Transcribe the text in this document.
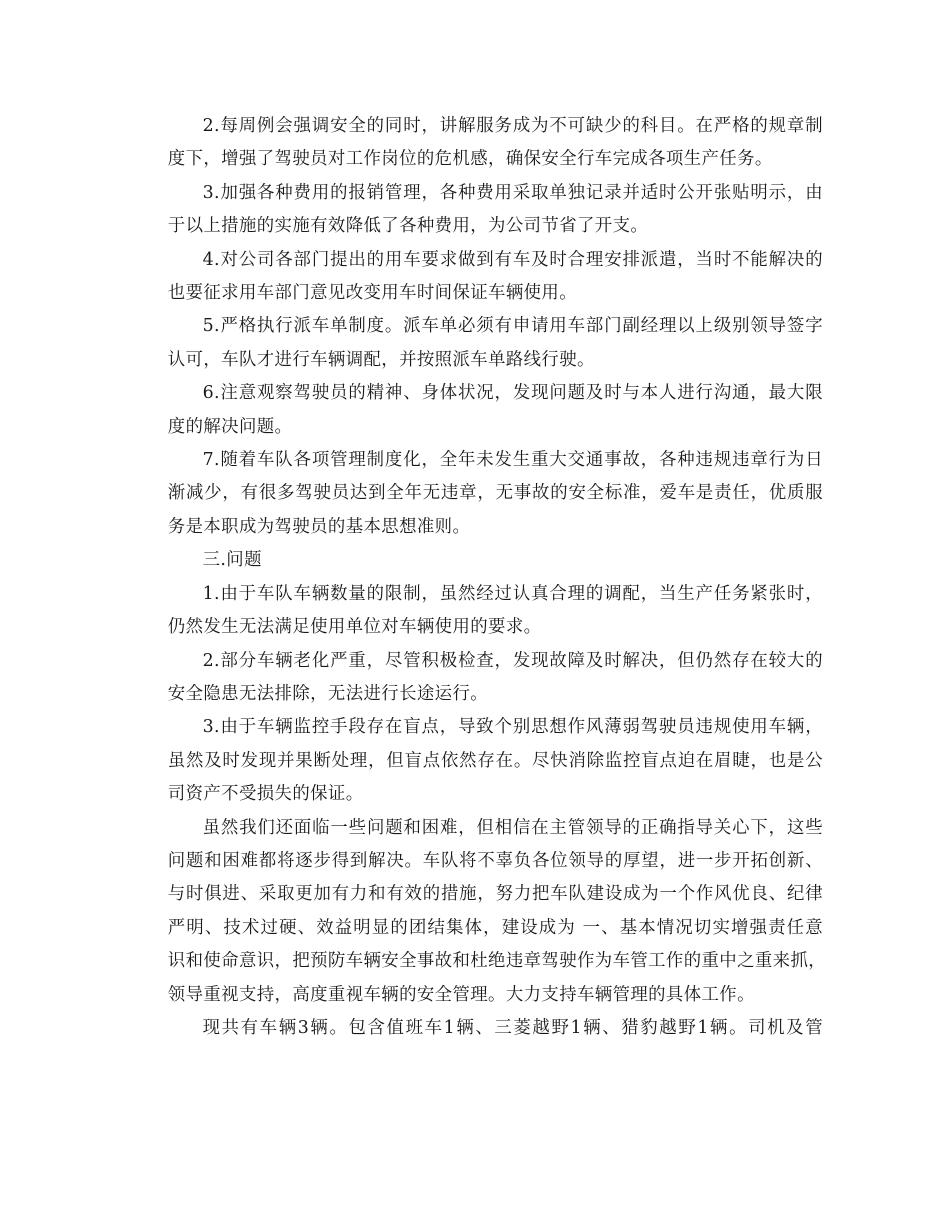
2.每周例会强调安全的同时，讲解服务成为不可缺少的科目。在严格的规章制
度下，增强了驾驶员对工作岗位的危机感，确保安全行车完成各项生产任务。
3.加强各种费用的报销管理，各种费用采取单独记录并适时公开张贴明示，由
于以上措施的实施有效降低了各种费用，为公司节省了开支。
4.对公司各部门提出的用车要求做到有车及时合理安排派遣，当时不能解决的
也要征求用车部门意见改变用车时间保证车辆使用。
5.严格执行派车单制度。派车单必须有申请用车部门副经理以上级别领导签字
认可，车队才进行车辆调配，并按照派车单路线行驶。
6.注意观察驾驶员的精神、身体状况，发现问题及时与本人进行沟通，最大限
度的解决问题。
7.随着车队各项管理制度化，全年未发生重大交通事故，各种违规违章行为日
渐减少，有很多驾驶员达到全年无违章，无事故的安全标准，爱车是责任，优质服
务是本职成为驾驶员的基本思想准则。
三.问题
1.由于车队车辆数量的限制，虽然经过认真合理的调配，当生产任务紧张时，
仍然发生无法满足使用单位对车辆使用的要求。
2.部分车辆老化严重，尽管积极检查，发现故障及时解决，但仍然存在较大的
安全隐患无法排除，无法进行长途运行。
3.由于车辆监控手段存在盲点，导致个别思想作风薄弱驾驶员违规使用车辆，
虽然及时发现并果断处理，但盲点依然存在。尽快消除监控盲点迫在眉睫，也是公
司资产不受损失的保证。
虽然我们还面临一些问题和困难，但相信在主管领导的正确指导关心下，这些
问题和困难都将逐步得到解决。车队将不辜负各位领导的厚望，进一步开拓创新、
与时俱进、采取更加有力和有效的措施，努力把车队建设成为一个作风优良、纪律
严明、技术过硬、效益明显的团结集体，建设成为 一、基本情况切实增强责任意
识和使命意识，把预防车辆安全事故和杜绝违章驾驶作为车管工作的重中之重来抓，
领导重视支持，高度重视车辆的安全管理。大力支持车辆管理的具体工作。
现共有车辆3辆。包含值班车1辆、三菱越野1辆、猎豹越野1辆。司机及管
